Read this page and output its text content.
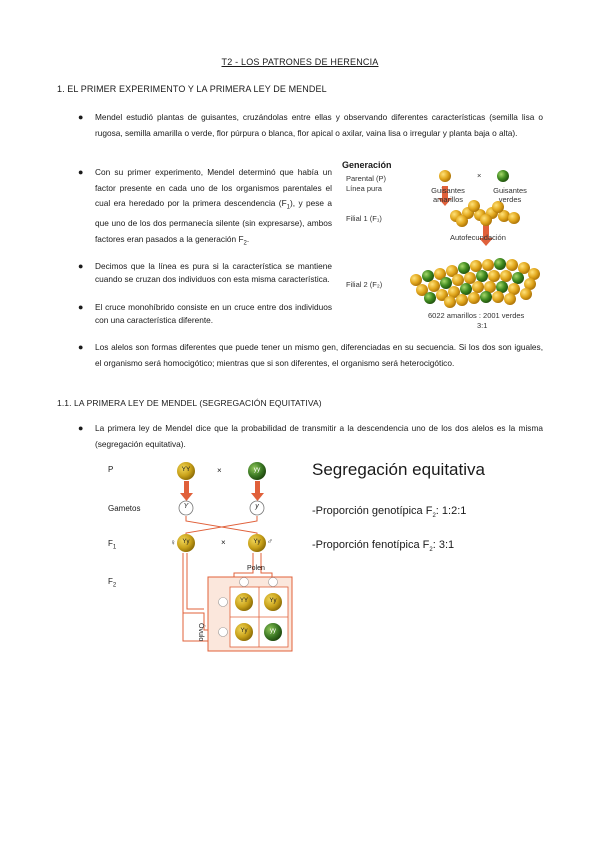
T2 - LOS PATRONES DE HERENCIA
1. EL PRIMER EXPERIMENTO Y LA PRIMERA LEY DE MENDEL
● Mendel estudió plantas de guisantes, cruzándolas entre ellas y observando diferentes características (semilla lisa o rugosa, semilla amarilla o verde, flor púrpura o blanca, flor apical o axilar, vaina lisa o irregular y planta baja o alta).
● Con su primer experimento, Mendel determinó que había un factor presente en cada uno de los organismos parentales el cual era heredado por la primera descendencia $(F_1)$, y pese a que uno de los dos permanecía silente (sin expresarse), ambos factores eran pasados a la generación $F_2$.
● Decimos que la línea es pura si la característica se mantiene cuando se cruzan dos individuos con esta misma característica.
● El cruce monohíbrido consiste en un cruce entre dos individuos con una característica diferente.
Generación
Parental (P)
Línea pura
×
Guisantes amarillos
Guisantes verdes
Filial 1 (F₁)
Autofecundación
Filial 2 (F₂)
6022 amarillos : 2001 verdes
3:1
● Los alelos son formas diferentes que puede tener un mismo gen, diferenciadas en su secuencia. Si los dos son iguales, el organismo será homocigótico; mientras que si son diferentes, el organismo será heterocigótico.
1.1. LA PRIMERA LEY DE MENDEL (SEGREGACIÓN EQUITATIVA)
● La primera ley de Mendel dice que la probabilidad de transmitir a la descendencia uno de los dos alelos es la misma (segregación equitativa).
P
Gametos
$F_1$
$F_2$
YY	yy
×
Y	y
♀	Yy	×	Yy ♂
Polen
Óvulo
YY	Yy
Yy	yy
Segregación equitativa
-Proporción genotípica $F_2$: 1:2:1
-Proporción fenotípica $F_2$: 3:1
